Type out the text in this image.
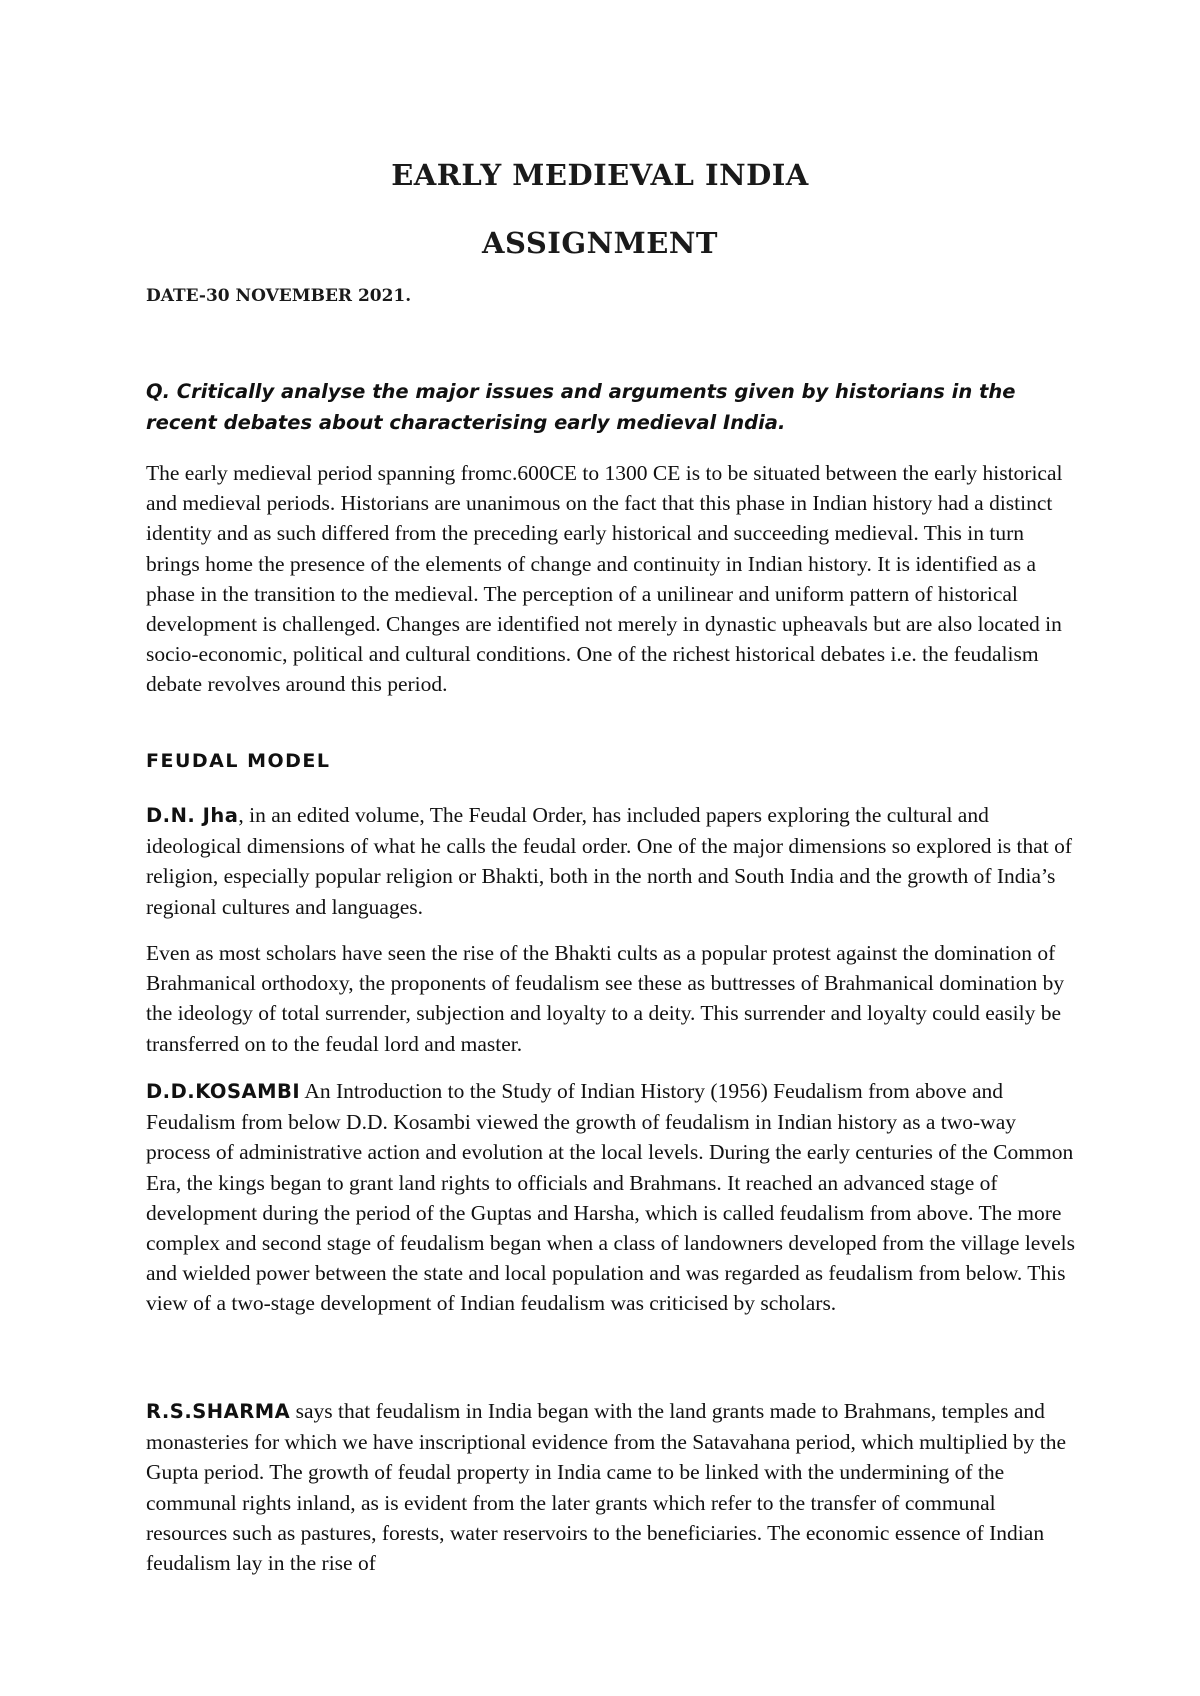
EARLY MEDIEVAL INDIA
ASSIGNMENT

DATE-30 NOVEMBER 2021.

Q. Critically analyse the major issues and arguments given by historians in the recent debates about characterising early medieval India.

The early medieval period spanning fromc.600CE to 1300 CE is to be situated between the early historical and medieval periods. Historians are unanimous on the fact that this phase in Indian history had a distinct identity and as such differed from the preceding early historical and succeeding medieval. This in turn brings home the presence of the elements of change and continuity in Indian history. It is identified as a phase in the transition to the medieval. The perception of a unilinear and uniform pattern of historical development is challenged. Changes are identified not merely in dynastic upheavals but are also located in socio-economic, political and cultural conditions. One of the richest historical debates i.e. the feudalism debate revolves around this period.

FEUDAL MODEL

D.N. Jha, in an edited volume, The Feudal Order, has included papers exploring the cultural and ideological dimensions of what he calls the feudal order. One of the major dimensions so explored is that of religion, especially popular religion or Bhakti, both in the north and South India and the growth of India’s regional cultures and languages.

Even as most scholars have seen the rise of the Bhakti cults as a popular protest against the domination of Brahmanical orthodoxy, the proponents of feudalism see these as buttresses of Brahmanical domination by the ideology of total surrender, subjection and loyalty to a deity. This surrender and loyalty could easily be transferred on to the feudal lord and master.

D.D.KOSAMBI An Introduction to the Study of Indian History (1956) Feudalism from above and Feudalism from below D.D. Kosambi viewed the growth of feudalism in Indian history as a two-way process of administrative action and evolution at the local levels. During the early centuries of the Common Era, the kings began to grant land rights to officials and Brahmans. It reached an advanced stage of development during the period of the Guptas and Harsha, which is called feudalism from above. The more complex and second stage of feudalism began when a class of landowners developed from the village levels and wielded power between the state and local population and was regarded as feudalism from below. This view of a two-stage development of Indian feudalism was criticised by scholars.

R.S.SHARMA says that feudalism in India began with the land grants made to Brahmans, temples and monasteries for which we have inscriptional evidence from the Satavahana period, which multiplied by the Gupta period. The growth of feudal property in India came to be linked with the undermining of the communal rights inland, as is evident from the later grants which refer to the transfer of communal resources such as pastures, forests, water reservoirs to the beneficiaries. The economic essence of Indian feudalism lay in the rise of
